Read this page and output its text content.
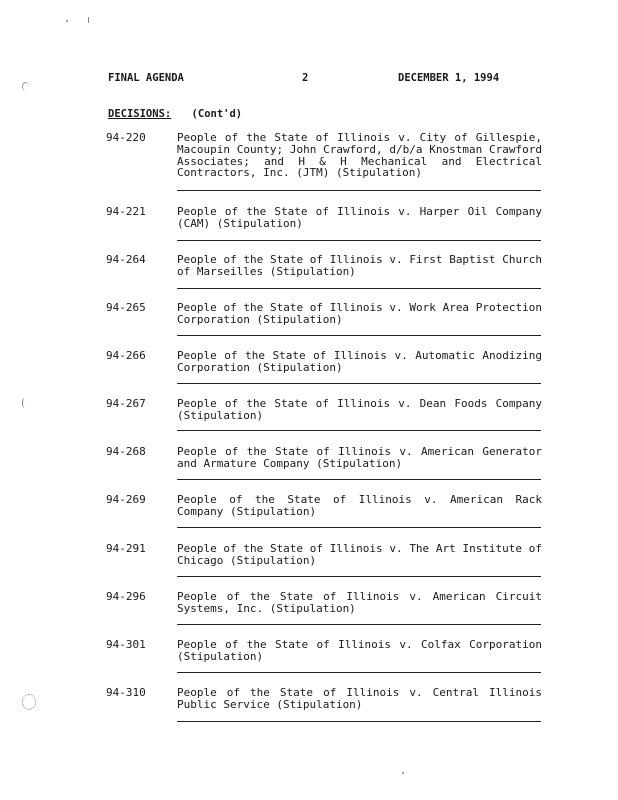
FINAL AGENDA	2	DECEMBER 1, 1994
DECISIONS: (Cont'd)
94-220	People of the State of Illinois v. City of Gillespie, Macoupin County; John Crawford, d/b/a Knostman Crawford Associates; and H & H Mechanical and Electrical Contractors, Inc. (JTM) (Stipulation)
94-221	People of the State of Illinois v. Harper Oil Company (CAM) (Stipulation)
94-264	People of the State of Illinois v. First Baptist Church of Marseilles (Stipulation)
94-265	People of the State of Illinois v. Work Area Protection Corporation (Stipulation)
94-266	People of the State of Illinois v. Automatic Anodizing Corporation (Stipulation)
94-267	People of the State of Illinois v. Dean Foods Company (Stipulation)
94-268	People of the State of Illinois v. American Generator and Armature Company (Stipulation)
94-269	People of the State of Illinois v. American Rack Company (Stipulation)
94-291	People of the State of Illinois v. The Art Institute of Chicago (Stipulation)
94-296	People of the State of Illinois v. American Circuit Systems, Inc. (Stipulation)
94-301	People of the State of Illinois v. Colfax Corporation (Stipulation)
94-310	People of the State of Illinois v. Central Illinois Public Service (Stipulation)
